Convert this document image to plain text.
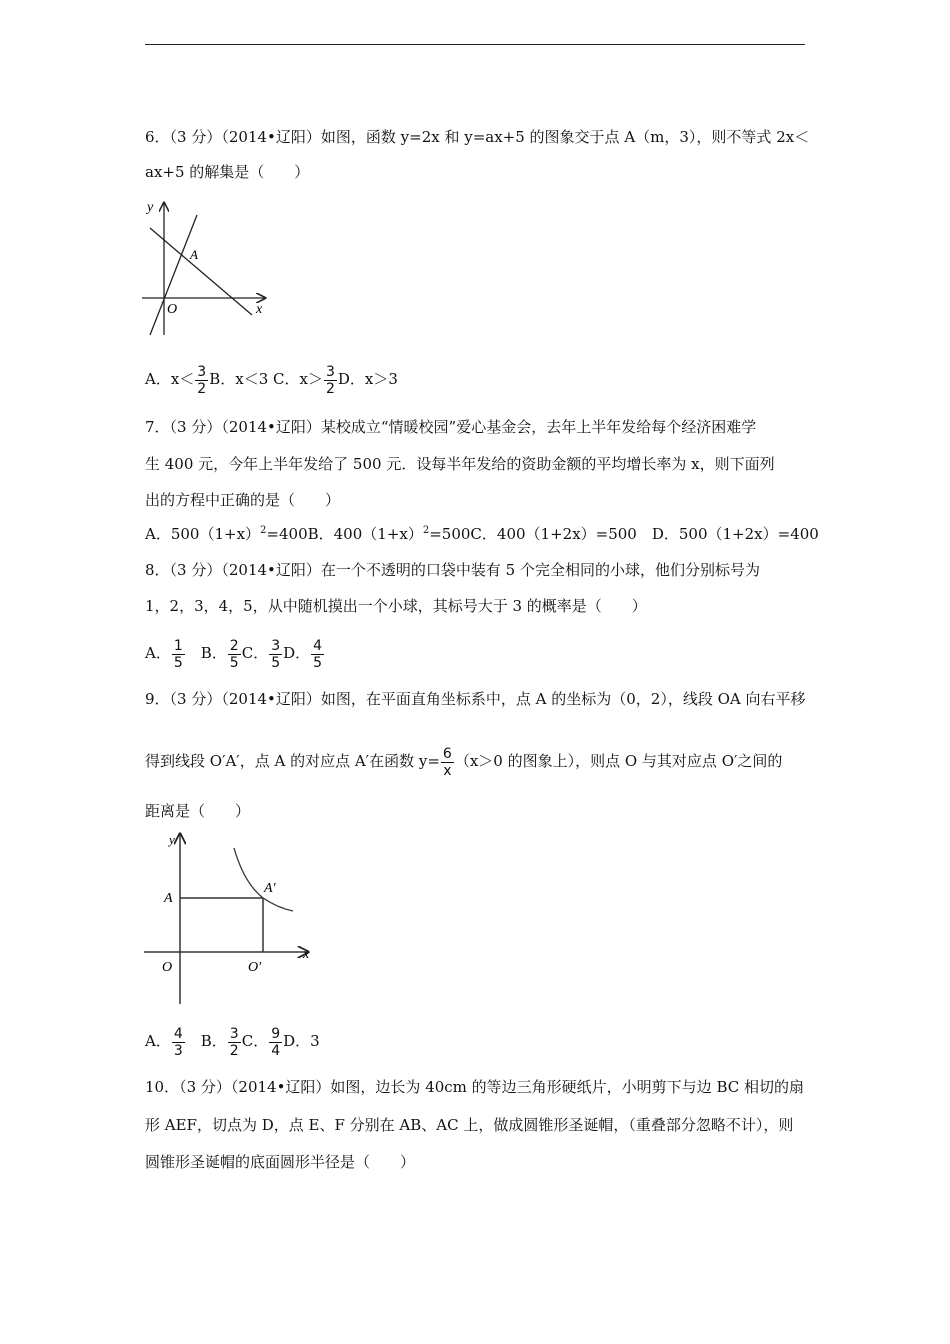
6．（3 分）（2014•辽阳）如图，函数 y=2x 和 y=ax+5 的图象交于点 A（m，3），则不等式 2x＜
ax+5 的解集是（　　）
y
x
A
O
A．$x< \frac{3}{2}$ B．x＜3 C．$x> \frac{3}{2}$ D．x＞3
7．（3 分）（2014•辽阳）某校成立“情暖校园”爱心基金会，去年上半年发给每个经济困难学
生 400 元，今年上半年发给了 500 元．设每半年发给的资助金额的平均增长率为 x，则下面列
出的方程中正确的是（　　）
A．$500(1+x)^2=400B$．$400(1+x)^2=500C$．400（1+2x）=500　D．500（1+2x）=400
8．（3 分）（2014•辽阳）在一个不透明的口袋中装有 5 个完全相同的小球，他们分别标号为
1，2，3，4，5，从中随机摸出一个小球，其标号大于 3 的概率是（　　）
A． $\frac{1}{5}$ B． $\frac{2}{5}$ C． $\frac{3}{5}$ D． $\frac{4}{5}$
9．（3 分）（2014•辽阳）如图，在平面直角坐标系中，点 A 的坐标为（0，2），线段 OA 向右平移
得到线段 O′A′，点 A 的对应点 A′在函数 $y= \frac{6}{x} (x>0$ 的图象上），则点 O 与其对应点 O′之间的
距离是（　　）
y
x
A
A′
O	O′
A． $\frac{4}{3}$ B． $\frac{3}{2}$ C． $\frac{9}{4}$ D．3
10．（3 分）（2014•辽阳）如图，边长为 40cm 的等边三角形硬纸片，小明剪下与边 BC 相切的扇
形 AEF，切点为 D，点 E、F 分别在 AB、AC 上，做成圆锥形圣诞帽，（重叠部分忽略不计），则
圆锥形圣诞帽的底面圆形半径是（　　）
